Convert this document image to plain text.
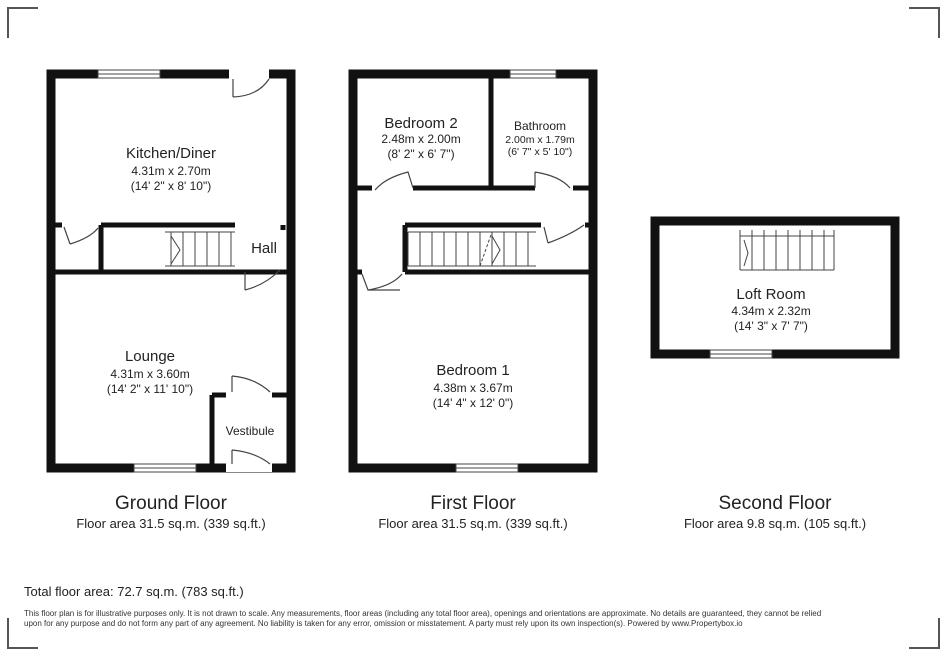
Kitchen/Diner
4.31m x 2.70m
(14' 2" x 8' 10")
Hall
Lounge
4.31m x 3.60m
(14' 2" x 11' 10")
Vestibule
Bedroom 2
2.48m x 2.00m
(8' 2" x 6' 7")
Bathroom
2.00m x 1.79m
(6' 7" x 5' 10")
Bedroom 1
4.38m x 3.67m
(14' 4" x 12' 0")
Loft Room
4.34m x 2.32m
(14' 3" x 7' 7")
Ground Floor
Floor area 31.5 sq.m. (339 sq.ft.)
First Floor
Floor area 31.5 sq.m. (339 sq.ft.)
Second Floor
Floor area 9.8 sq.m. (105 sq.ft.)
Total floor area: 72.7 sq.m. (783 sq.ft.)
This floor plan is for illustrative purposes only. It is not drawn to scale. Any measurements, floor areas (including any total floor area), openings and orientations are approximate. No details are guaranteed, they cannot be relied upon for any purpose and do not form any part of any agreement. No liability is taken for any error, omission or misstatement. A party must rely upon its own inspection(s). Powered by www.Propertybox.io
